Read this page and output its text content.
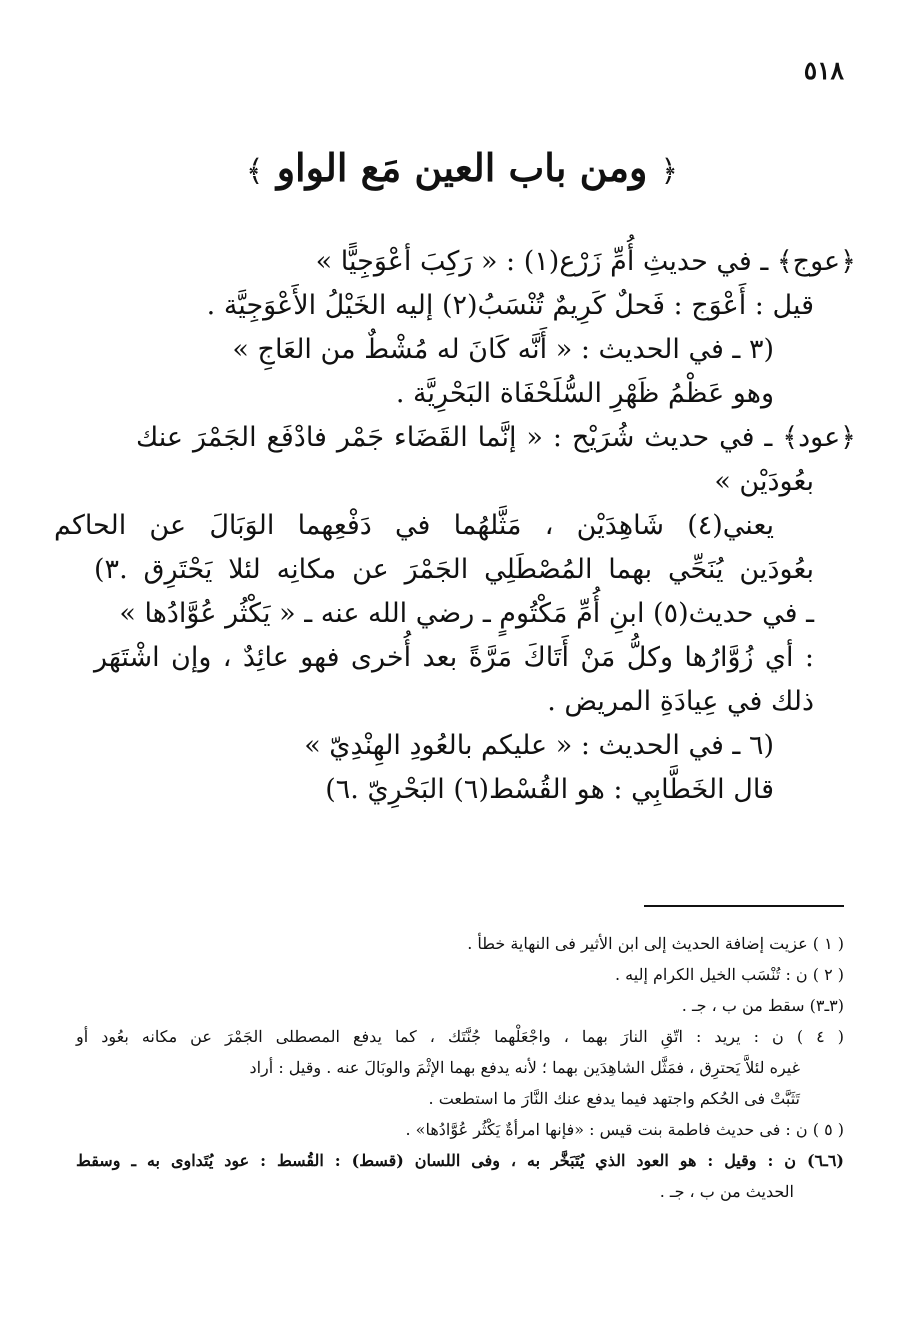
٥١٨
﴿ ومن باب العين مَع الواو ﴾
﴿عوج﴾ ـ في حديثِ أُمِّ زَرْع(١) : « رَكِبَ أعْوَجِيًّا »
قيل : أَعْوَج : فَحلٌ كَرِيمٌ تُنْسَبُ(٢) إليه الخَيْلُ الأَعْوَجِيَّة .
(٣ ـ في الحديث : « أَنَّه كَانَ له مُشْطٌ من العَاجِ »
وهو عَظْمُ ظَهْرِ السُّلَحْفَاة البَحْرِيَّة .
﴿عود﴾ ـ في حديث شُرَيْح : « إنَّما القَضَاء جَمْر فادْفَع الجَمْرَ عنك
بعُودَيْن »
يعني(٤) شَاهِدَيْن ، مَثَّلهُما في دَفْعِهما الوَبَالَ عن الحاكم
بعُودَين يُنَحِّي بهما المُصْطَلِي الجَمْرَ عن مكانِه لئلا يَحْتَرِق .٣)
ـ في حديث(٥) ابنِ أُمِّ مَكْتُومٍ ـ رضي الله عنه ـ « يَكْثُر عُوَّادُها »
: أي زُوَّارُها وكلُّ مَنْ أَتَاكَ مَرَّةً بعد أُخرى فهو عائِدٌ ، وإن اشْتَهَر
ذلك في عِيادَةِ المريض .
(٦ ـ في الحديث : « عليكم بالعُودِ الهِنْدِيّ »
قال الخَطَّابِي : هو القُسْط(٦) البَحْرِيّ .٦)
( ١ ) عزيت إضافة الحديث إلى ابن الأثير فى النهاية خطأ .
( ٢ ) ن : تُنْسَب الخيل الكرام إليه .
(٣ـ٣) سقط من ب ، جـ .
( ٤ ) ن : يريد : اتّقِ النارَ بهما ، واجْعَلْهما جُنَّتَك ، كما يدفع المصطلى الجَمْرَ عن مكانه بعُود أو
غيره لئلاَّ يَحترِق ، فمَثَّل الشاهِدَين بهما ؛ لأنه يدفع بهما الإثْمَ والوبَالَ عنه . وقيل : أراد
تَثَبَّتْ فى الحُكم واجتهد فيما يدفع عنك النَّارَ ما استطعت .
( ٥ ) ن : فى حديث فاطمة بنت قيس : «فإنها امرأةٌ يَكْثُر عُوَّادُها» .
(٦ـ٦) ن : وقيل : هو العود الذي يُتَبَخَّر به ، وفى اللسان (قسط) : القُسط : عود يُتَداوى به ـ وسقط
الحديث من ب ، جـ .
